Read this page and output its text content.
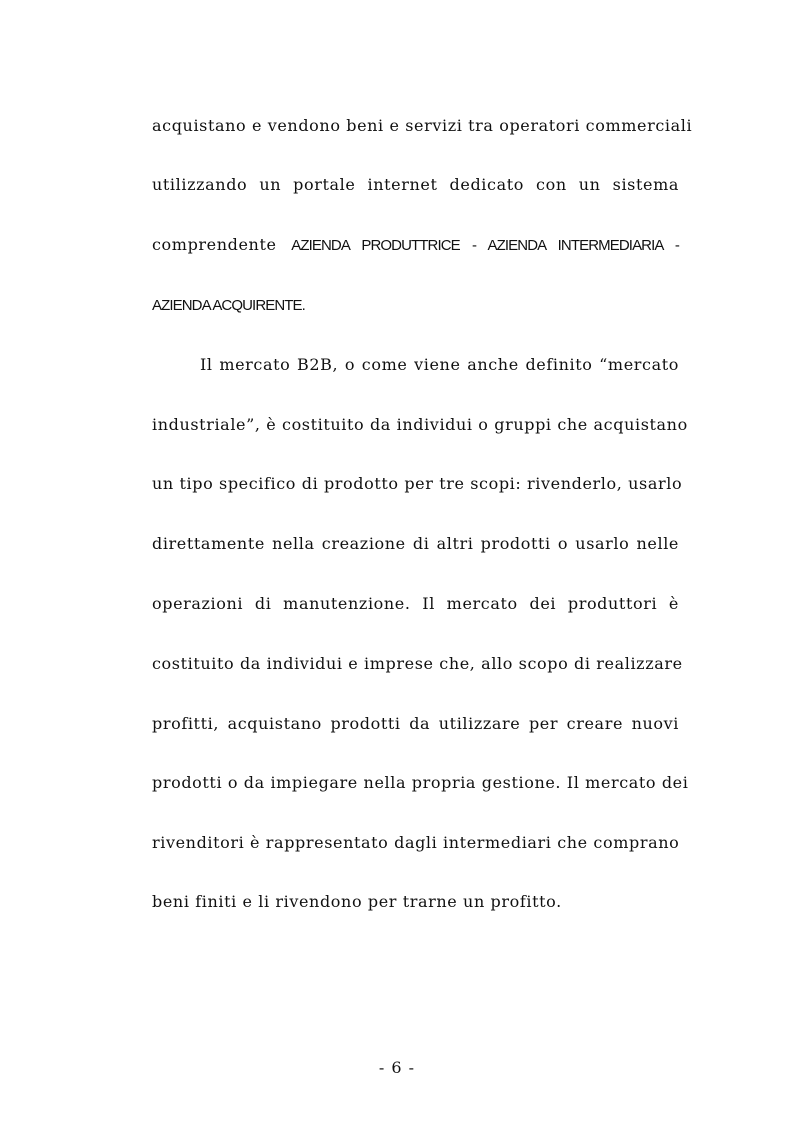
acquistano e vendono beni e servizi tra operatori commerciali
utilizzando un portale internet dedicato con un sistema
comprendente AZIENDA PRODUTTRICE - AZIENDA INTERMEDIARIA -
AZIENDA ACQUIRENTE.
Il mercato B2B, o come viene anche definito “mercato
industriale”, è costituito da individui o gruppi che acquistano
un tipo specifico di prodotto per tre scopi: rivenderlo, usarlo
direttamente nella creazione di altri prodotti o usarlo nelle
operazioni di manutenzione. Il mercato dei produttori è
costituito da individui e imprese che, allo scopo di realizzare
profitti, acquistano prodotti da utilizzare per creare nuovi
prodotti o da impiegare nella propria gestione. Il mercato dei
rivenditori è rappresentato dagli intermediari che comprano
beni finiti e li rivendono per trarne un profitto.
- 6 -
